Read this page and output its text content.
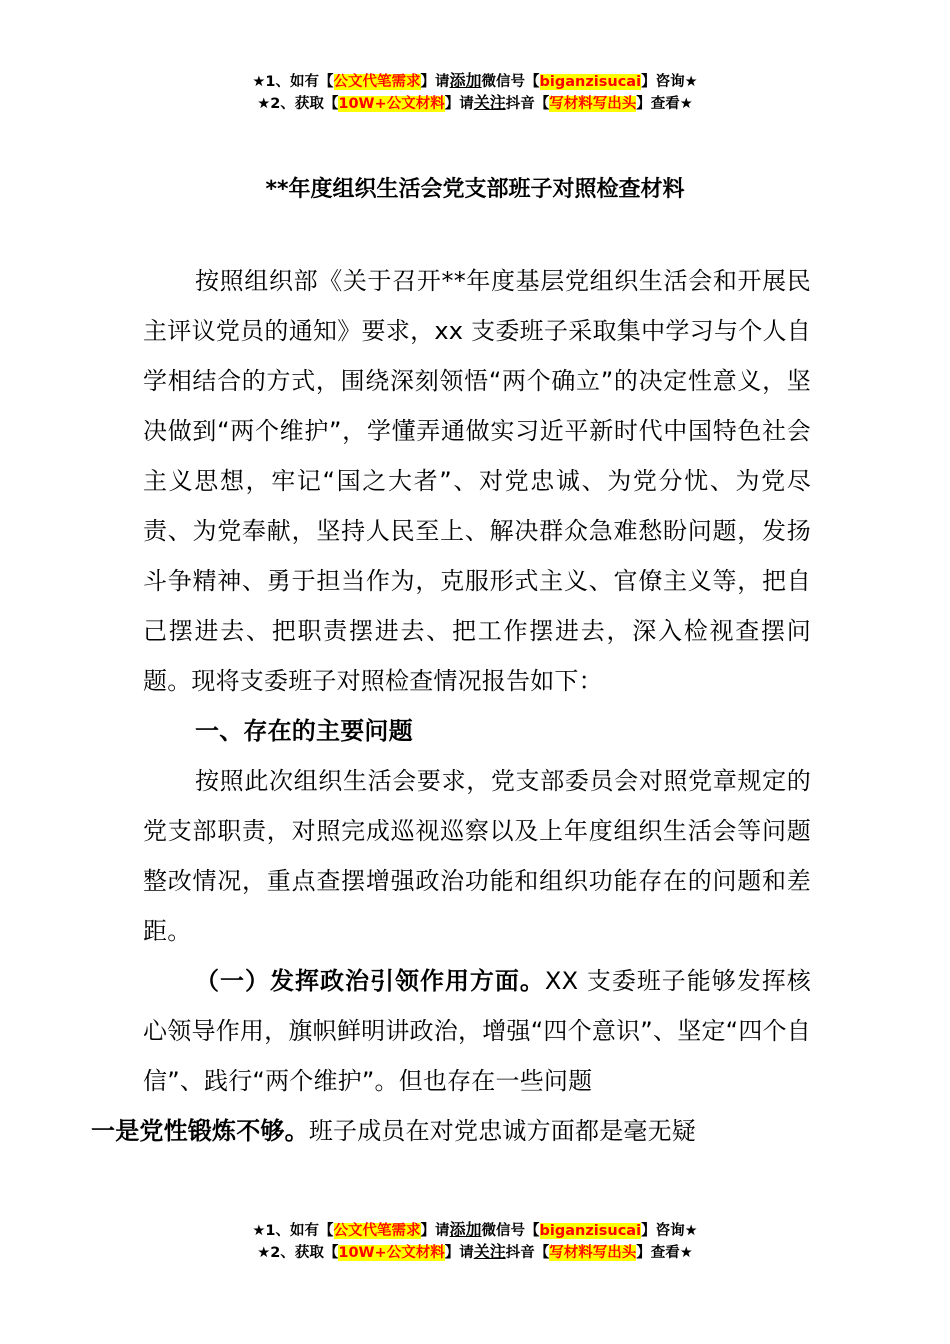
★1、如有【公文代笔需求】请添加微信号【biganzisucai】咨询★
★2、获取【10W+公文材料】请关注抖音【写材料写出头】查看★
**年度组织生活会党支部班子对照检查材料

按照组织部《关于召开**年度基层党组织生活会和开展民主评议党员的通知》要求，xx 支委班子采取集中学习与个人自学相结合的方式，围绕深刻领悟“两个确立”的决定性意义，坚决做到“两个维护”，学懂弄通做实习近平新时代中国特色社会主义思想，牢记“国之大者”、对党忠诚、为党分忧、为党尽责、为党奉献，坚持人民至上、解决群众急难愁盼问题，发扬斗争精神、勇于担当作为，克服形式主义、官僚主义等，把自己摆进去、把职责摆进去、把工作摆进去，深入检视查摆问题。现将支委班子对照检查情况报告如下：

一、存在的主要问题

按照此次组织生活会要求，党支部委员会对照党章规定的党支部职责，对照完成巡视巡察以及上年度组织生活会等问题整改情况，重点查摆增强政治功能和组织功能存在的问题和差距。

（一）发挥政治引领作用方面。XX 支委班子能够发挥核心领导作用，旗帜鲜明讲政治，增强“四个意识”、坚定“四个自信”、践行“两个维护”。但也存在一些问题
一是党性锻炼不够。班子成员在对党忠诚方面都是毫无疑

★1、如有【公文代笔需求】请添加微信号【biganzisucai】咨询★
★2、获取【10W+公文材料】请关注抖音【写材料写出头】查看★
